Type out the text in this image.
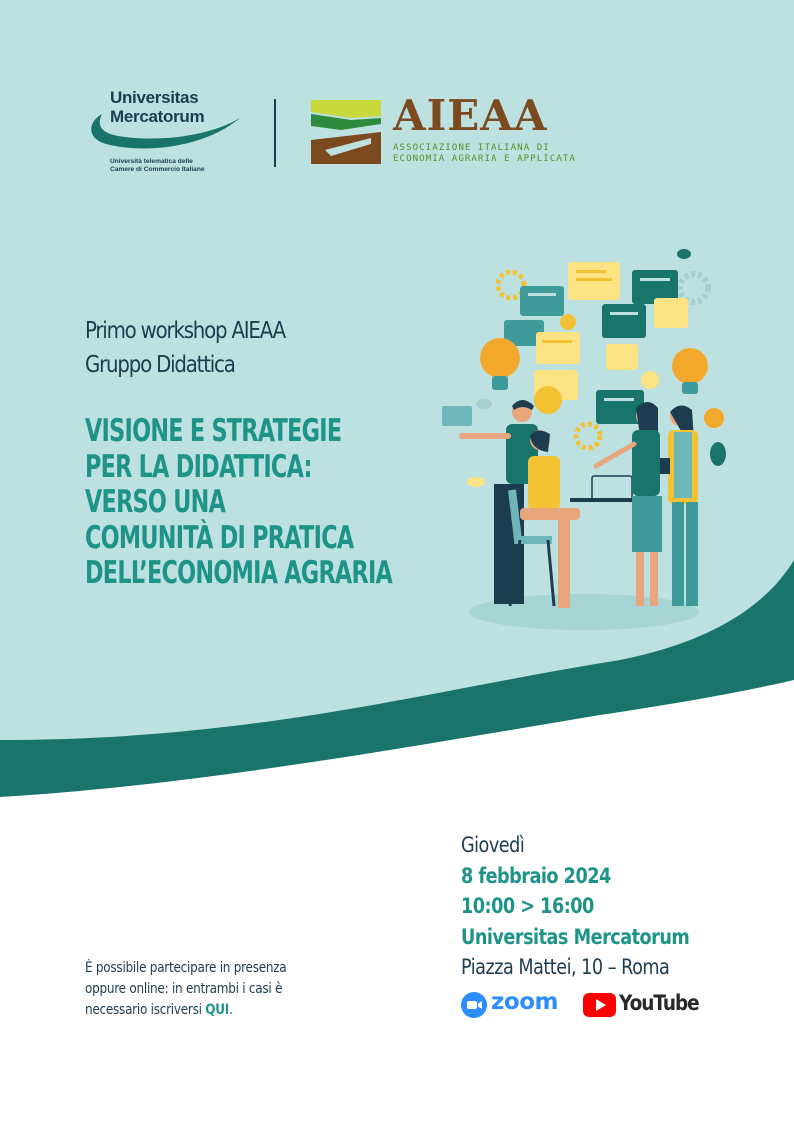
Universitas
Mercatorum
Università telematica delle
Camere di Commercio Italiane
AIEAA
ASSOCIAZIONE ITALIANA DI
ECONOMIA AGRARIA E APPLICATA
Primo workshop AIEAA
Gruppo Didattica
VISIONE E STRATEGIE
PER LA DIDATTICA:
VERSO UNA
COMUNITÀ DI PRATICA
DELL’ECONOMIA AGRARIA
Giovedì
8 febbraio 2024
10:00 > 16:00
Universitas Mercatorum
Piazza Mattei, 10 – Roma
È possibile partecipare in presenza
oppure online: in entrambi i casi è
necessario iscriversi QUI.	zoom	YouTube
